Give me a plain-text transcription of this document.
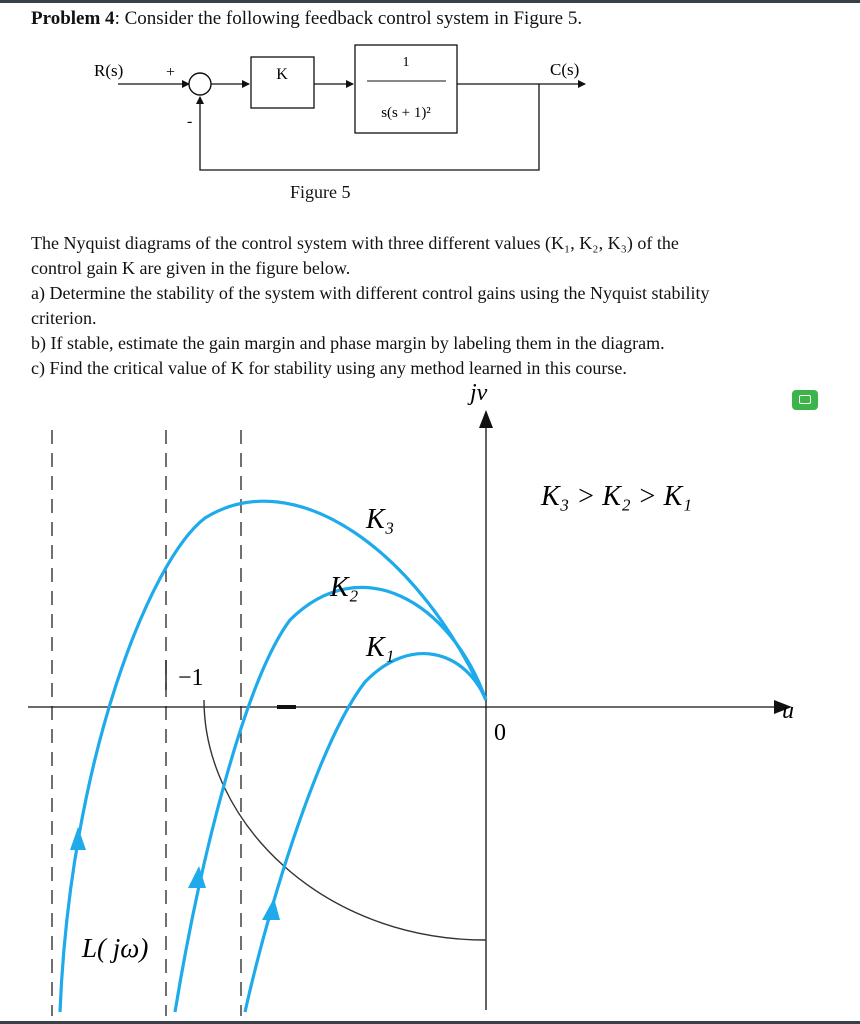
Problem 4: Consider the following feedback control system in Figure 5.
R(s)	+
-
K
1
s(s + 1)²
C(s)
−1
jv
u
0
K₃ > K₂ > K₁
K₃
K₂
K₁
L( jω)
Figure 5
The Nyquist diagrams of the control system with three different values (K₁, K₂, K₃) of the
control gain K are given in the figure below.
a) Determine the stability of the system with different control gains using the Nyquist stability
criterion.
b) If stable, estimate the gain margin and phase margin by labeling them in the diagram.
c) Find the critical value of K for stability using any method learned in this course.
